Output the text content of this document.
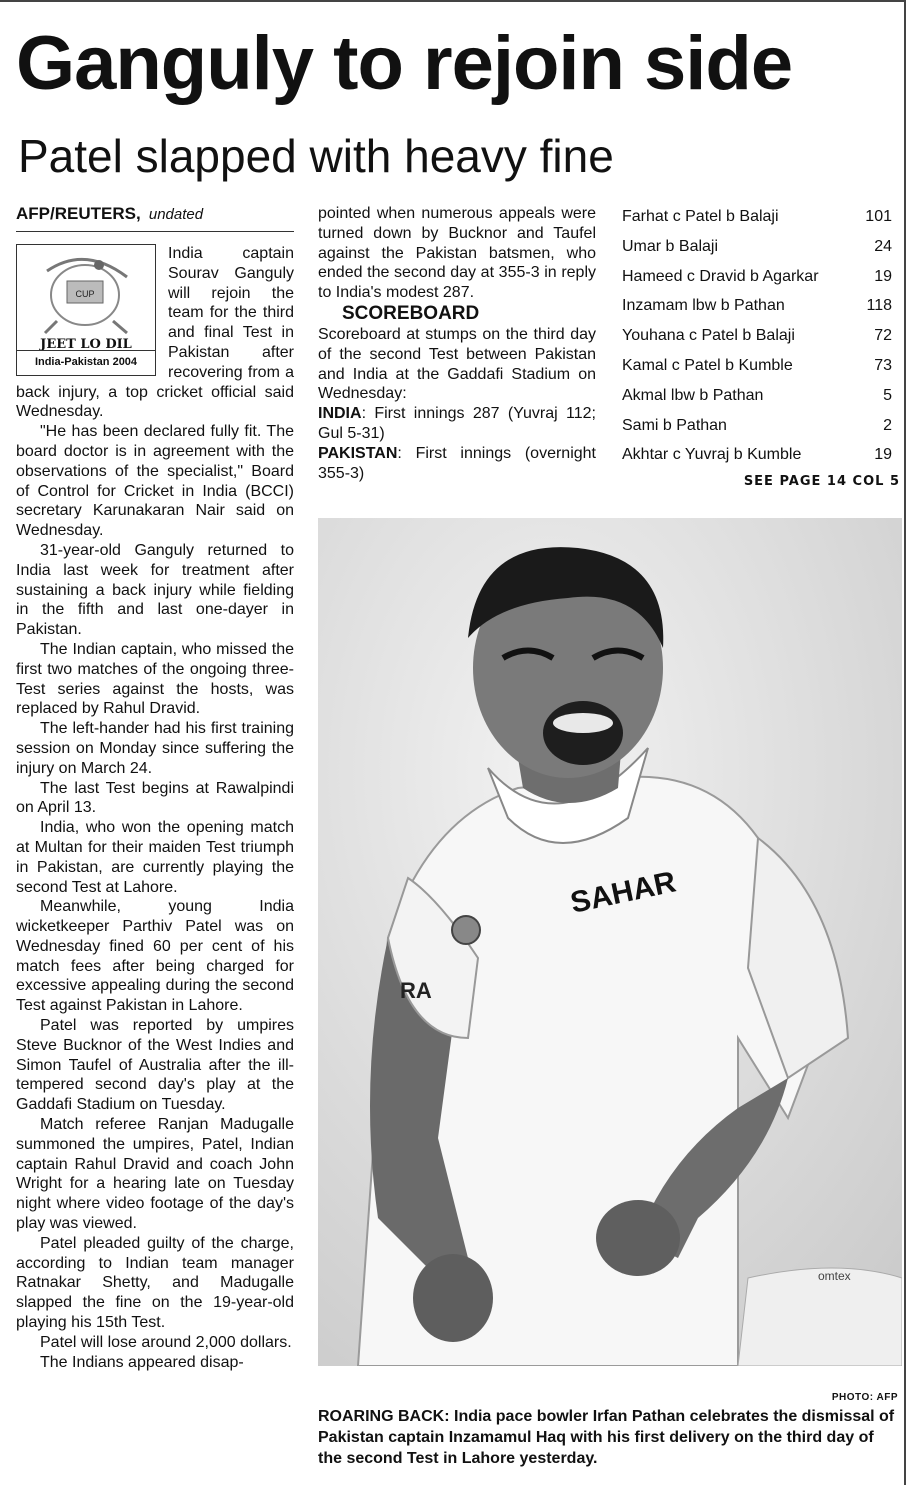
Ganguly to rejoin side
Patel slapped with heavy fine
AFP/REUTERS, undated
CUP
JEET LO DIL
India-Pakistan 2004

India captain Sourav Ganguly will rejoin the team for the third and final Test in Pakistan after recovering from a back injury, a top cricket official said Wednesday.

"He has been declared fully fit. The board doctor is in agreement with the observations of the specialist," Board of Control for Cricket in India (BCCI) secretary Karunakaran Nair said on Wednesday.

31-year-old Ganguly returned to India last week for treatment after sustaining a back injury while fielding in the fifth and last one-dayer in Pakistan.

The Indian captain, who missed the first two matches of the ongoing three-Test series against the hosts, was replaced by Rahul Dravid.

The left-hander had his first training session on Monday since suffering the injury on March 24.

The last Test begins at Rawalpindi on April 13.

India, who won the opening match at Multan for their maiden Test triumph in Pakistan, are currently playing the second Test at Lahore.

Meanwhile, young India wicketkeeper Parthiv Patel was on Wednesday fined 60 per cent of his match fees after being charged for excessive appealing during the second Test against Pakistan in Lahore.

Patel was reported by umpires Steve Bucknor of the West Indies and Simon Taufel of Australia after the ill-tempered second day's play at the Gaddafi Stadium on Tuesday.

Match referee Ranjan Madugalle summoned the umpires, Patel, Indian captain Rahul Dravid and coach John Wright for a hearing late on Tuesday night where video footage of the day's play was viewed.

Patel pleaded guilty of the charge, according to Indian team manager Ratnakar Shetty, and Madugalle slapped the fine on the 19-year-old playing his 15th Test.

Patel will lose around 2,000 dollars.

The Indians appeared disap-

pointed when numerous appeals were turned down by Bucknor and Taufel against the Pakistan batsmen, who ended the second day at 355-3 in reply to India's modest 287.

SCOREBOARD

Scoreboard at stumps on the third day of the second Test between Pakistan and India at the Gaddafi Stadium on Wednesday:

INDIA: First innings 287 (Yuvraj 112; Gul 5-31)

PAKISTAN: First innings (overnight 355-3)

Farhat c Patel b Balaji	101
Umar b Balaji	24
Hameed c Dravid b Agarkar	19
Inzamam lbw b Pathan	118
Youhana c Patel b Balaji	72
Kamal c Patel b Kumble	73
Akmal lbw b Pathan	5
Sami b Pathan	2
Akhtar c Yuvraj b Kumble	19
SEE PAGE 14 COL 5
SAHAR
RA
omtex
PHOTO: AFP
ROARING BACK: India pace bowler Irfan Pathan celebrates the dismissal of Pakistan captain Inzamamul Haq with his first delivery on the third day of the second Test in Lahore yesterday.
